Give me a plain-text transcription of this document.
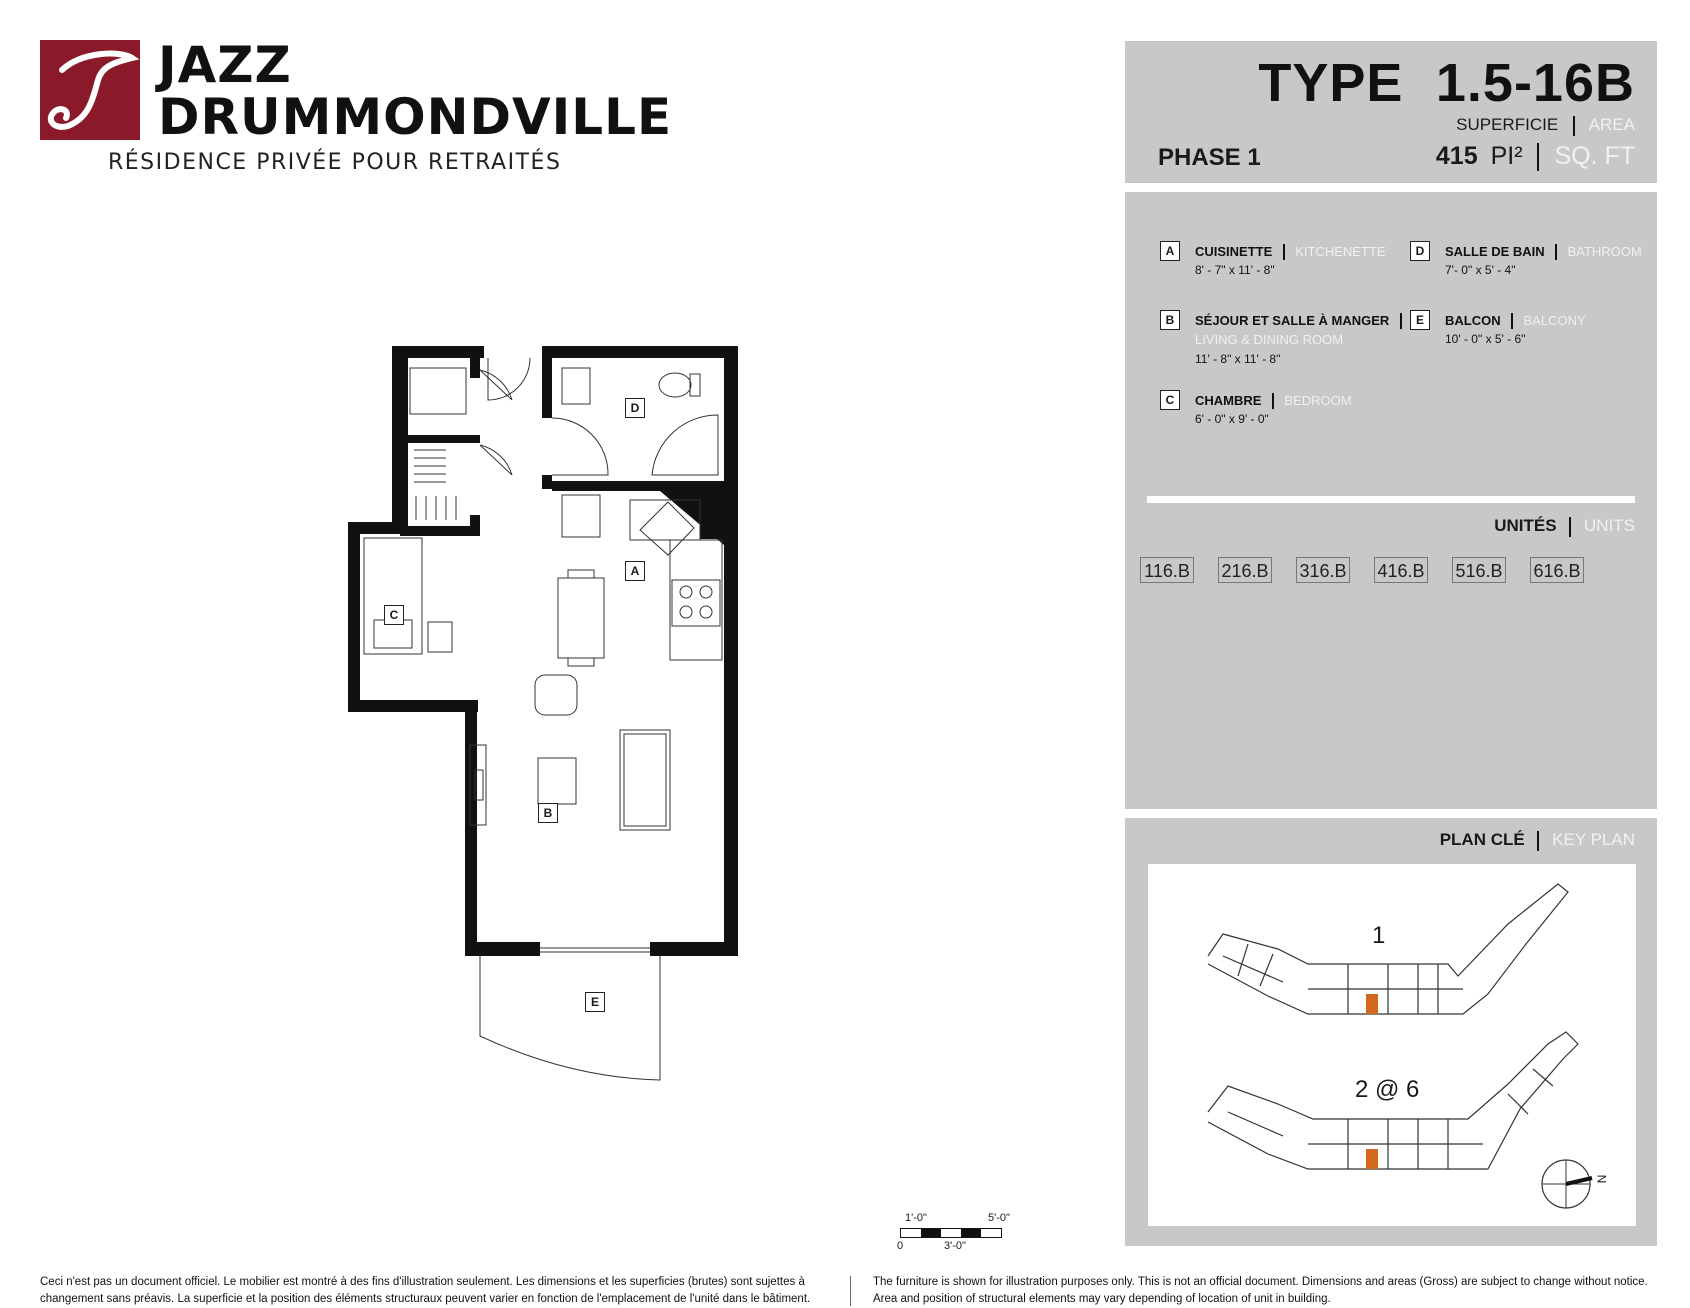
JAZZ
DRUMMONDVILLE
RÉSIDENCE PRIVÉE POUR RETRAITÉS
TYPE 1.5-16B
SUPERFICIE AREA
PHASE 1	415 PI² SQ. FT
A	CUISINETTE KITCHENETTE
8' - 7" x 11' - 8"
B	SÉJOUR ET SALLE À MANGER
LIVING & DINING ROOM
11' - 8" x 11' - 8"
C	CHAMBRE BEDROOM
6' - 0" x 9' - 0"
D	SALLE DE BAIN BATHROOM
7'- 0" x 5' - 4"
E	BALCON BALCONY
10' - 0" x 5' - 6"
UNITÉS UNITS
116.B 216.B 316.B 416.B 516.B 616.B
PLAN CLÉ KEY PLAN
1
2 @ 6
N
D
A
C
B
E
1'-0"	5'-0"
0	3'-0"
Ceci n'est pas un document officiel. Le mobilier est montré à des fins d'illustration seulement. Les dimensions et les superficies (brutes) sont sujettes à changement sans préavis. La superficie et la position des éléments structuraux peuvent varier en fonction de l'emplacement de l'unité dans le bâtiment.
The furniture is shown for illustration purposes only. This is not an official document. Dimensions and areas (Gross) are subject to change without notice. Area and position of structural elements may vary depending of location of unit in building.
